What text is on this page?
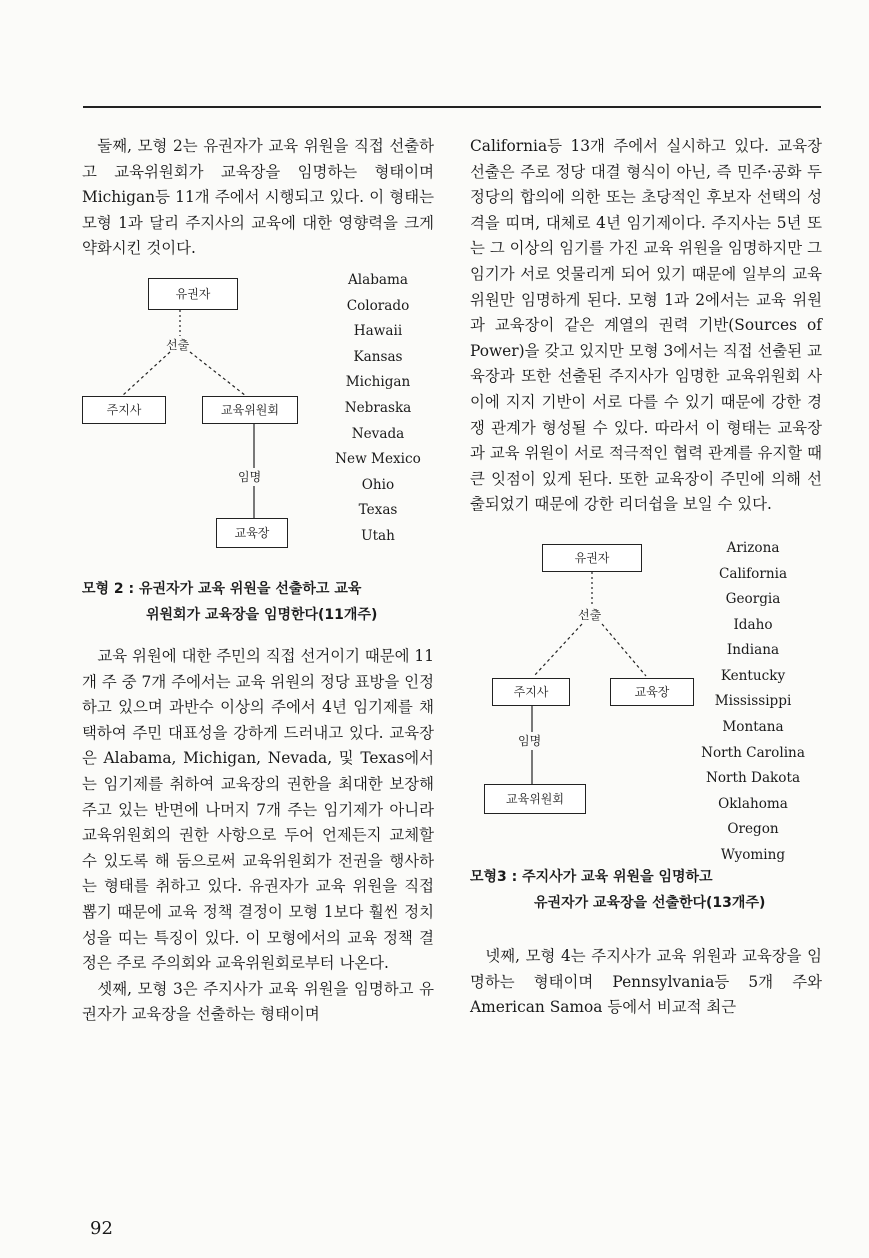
둘째, 모형 2는 유권자가 교육 위원을 직접 선출하고 교육위원회가 교육장을 임명하는 형태이며 Michigan등 11개 주에서 시행되고 있다. 이 형태는 모형 1과 달리 주지사의 교육에 대한 영향력을 크게 약화시킨 것이다.

유권자
선출
주지사	교육위원회
임명
교육장
Alabama
Colorado
Hawaii
Kansas
Michigan
Nebraska
Nevada
New Mexico
Ohio
Texas
Utah

모형 2 : 유권자가 교육 위원을 선출하고 교육
위원회가 교육장을 임명한다(11개주)

교육 위원에 대한 주민의 직접 선거이기 때문에 11개 주 중 7개 주에서는 교육 위원의 정당 표방을 인정하고 있으며 과반수 이상의 주에서 4년 임기제를 채택하여 주민 대표성을 강하게 드러내고 있다. 교육장은 Alabama, Michigan, Nevada, 및 Texas에서는 임기제를 취하여 교육장의 권한을 최대한 보장해 주고 있는 반면에 나머지 7개 주는 임기제가 아니라 교육위원회의 권한 사항으로 두어 언제든지 교체할 수 있도록 해 둠으로써 교육위원회가 전권을 행사하는 형태를 취하고 있다. 유권자가 교육 위원을 직접 뽑기 때문에 교육 정책 결정이 모형 1보다 훨씬 정치성을 띠는 특징이 있다. 이 모형에서의 교육 정책 결정은 주로 주의회와 교육위원회로부터 나온다.

셋째, 모형 3은 주지사가 교육 위원을 임명하고 유권자가 교육장을 선출하는 형태이며

California등 13개 주에서 실시하고 있다. 교육장 선출은 주로 정당 대결 형식이 아닌, 즉 민주·공화 두 정당의 합의에 의한 또는 초당적인 후보자 선택의 성격을 띠며, 대체로 4년 임기제이다. 주지사는 5년 또는 그 이상의 임기를 가진 교육 위원을 임명하지만 그 임기가 서로 엇물리게 되어 있기 때문에 일부의 교육 위원만 임명하게 된다. 모형 1과 2에서는 교육 위원과 교육장이 같은 계열의 권력 기반(Sources of Power)을 갖고 있지만 모형 3에서는 직접 선출된 교육장과 또한 선출된 주지사가 임명한 교육위원회 사이에 지지 기반이 서로 다를 수 있기 때문에 강한 경쟁 관계가 형성될 수 있다. 따라서 이 형태는 교육장과 교육 위원이 서로 적극적인 협력 관계를 유지할 때 큰 잇점이 있게 된다. 또한 교육장이 주민에 의해 선출되었기 때문에 강한 리더쉽을 보일 수 있다.

유권자
선출
주지사	교육장
임명
교육위원회
Arizona
California
Georgia
Idaho
Indiana
Kentucky
Mississippi
Montana
North Carolina
North Dakota
Oklahoma
Oregon
Wyoming

모형3 : 주지사가 교육 위원을 임명하고
유권자가 교육장을 선출한다(13개주)

넷째, 모형 4는 주지사가 교육 위원과 교육장을 임명하는 형태이며 Pennsylvania등 5개 주와 American Samoa 등에서 비교적 최근

92
